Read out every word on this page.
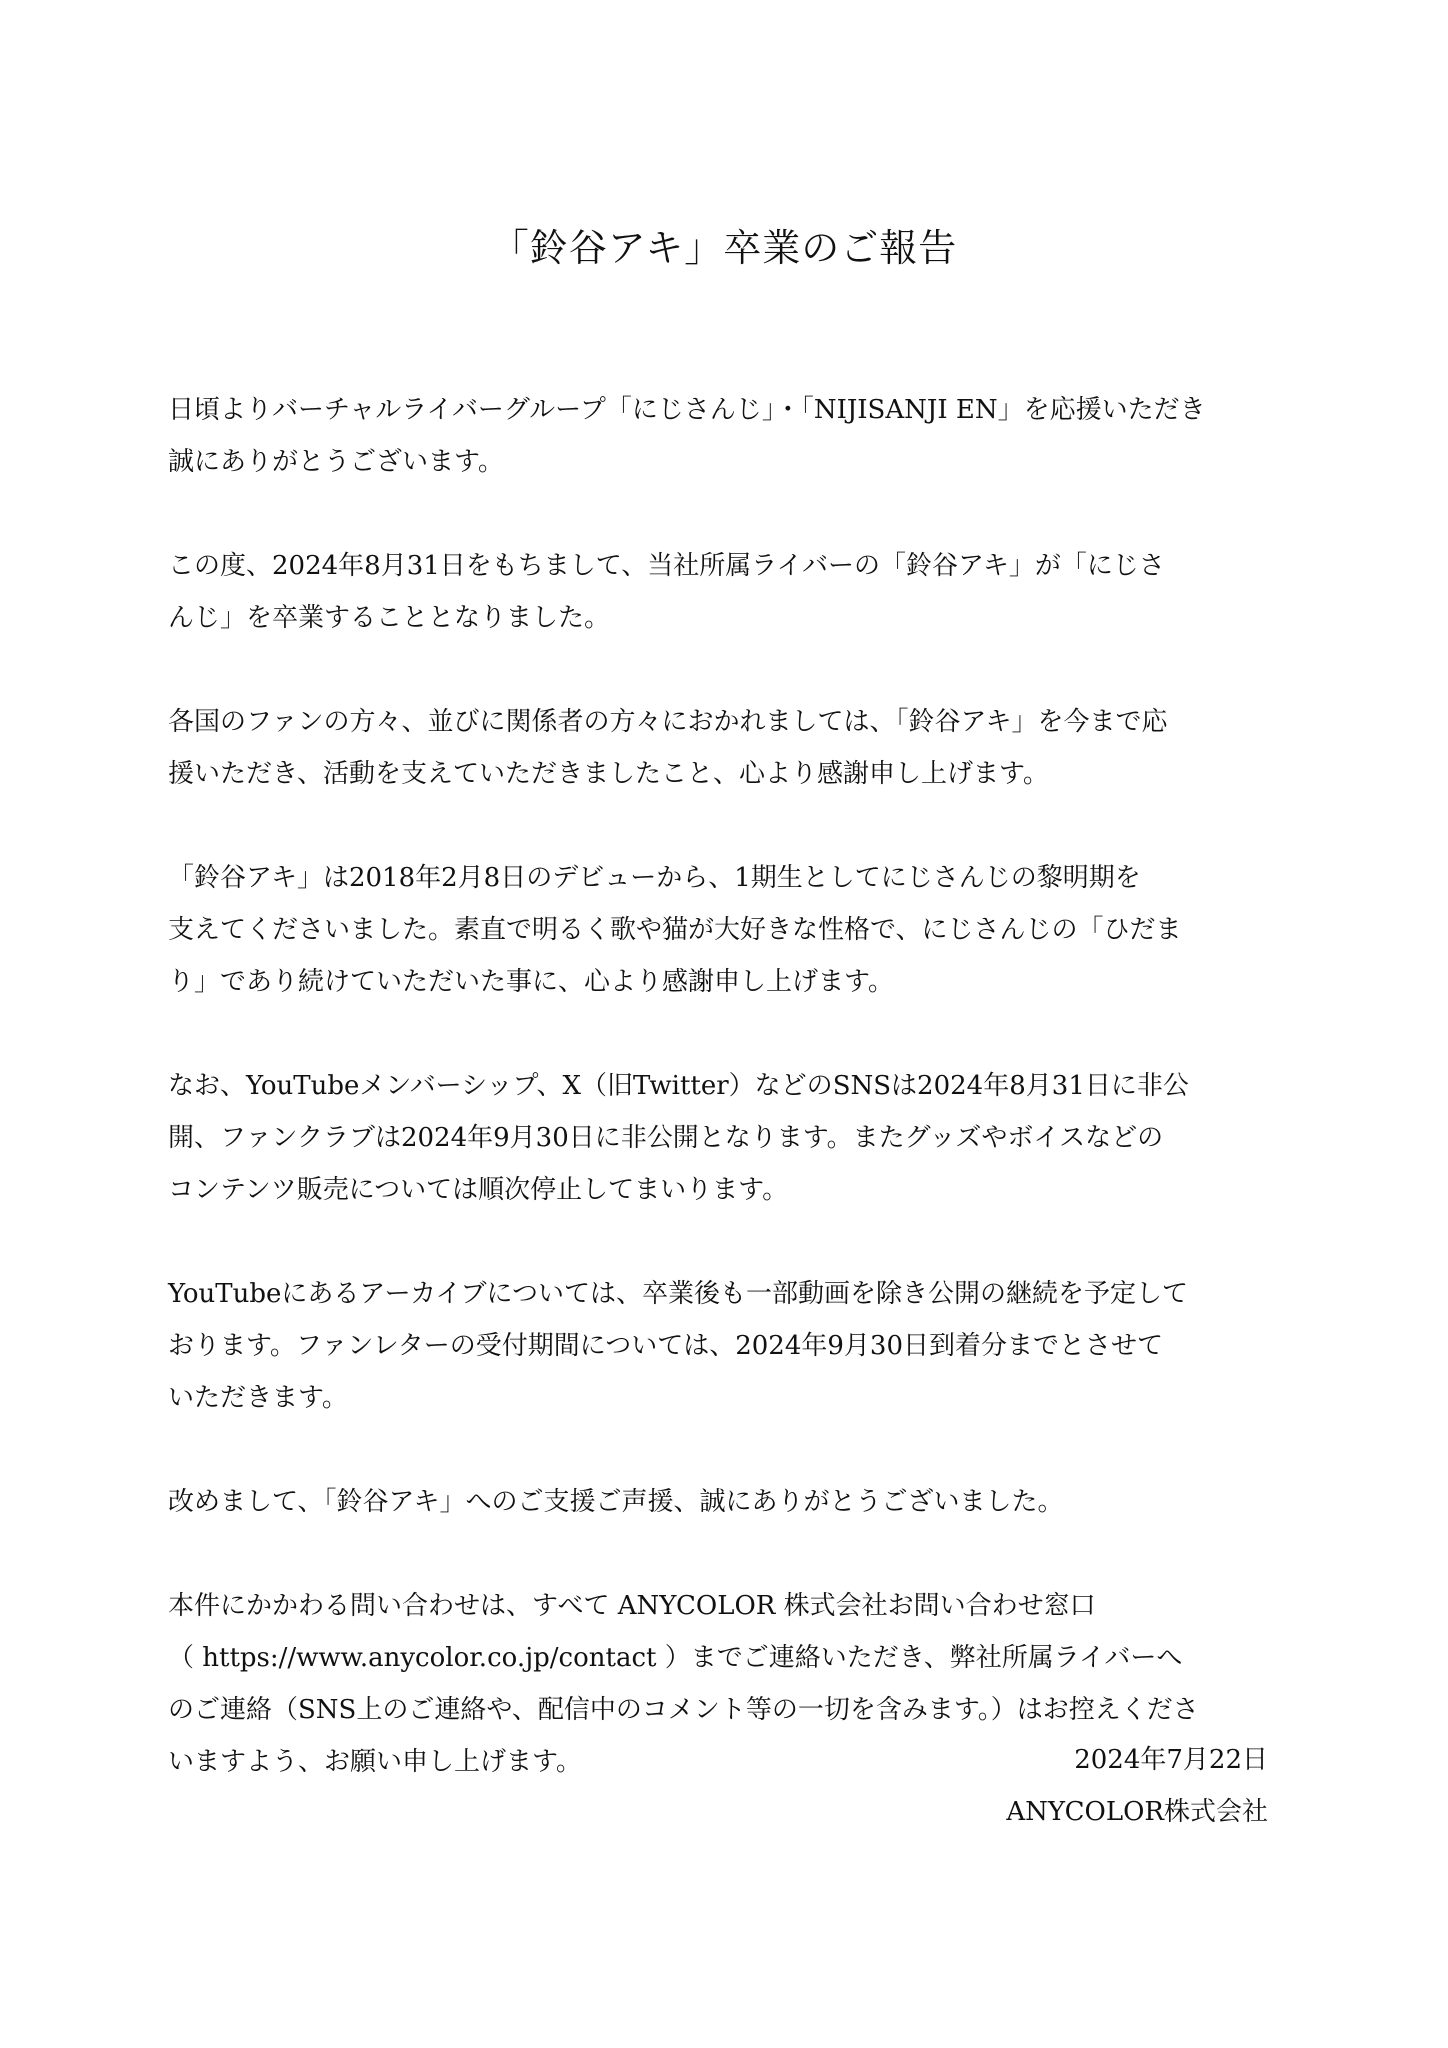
「鈴谷アキ」卒業のご報告

日頃よりバーチャルライバーグループ「にじさんじ」・「NIJISANJI EN」を応援いただき
誠にありがとうございます。

この度、2024年8月31日をもちまして、当社所属ライバーの「鈴谷アキ」が「にじさ
んじ」を卒業することとなりました。

各国のファンの方々、並びに関係者の方々におかれましては、「鈴谷アキ」を今まで応
援いただき、活動を支えていただきましたこと、心より感謝申し上げます。

「鈴谷アキ」は2018年2月8日のデビューから、1期生としてにじさんじの黎明期を
支えてくださいました。素直で明るく歌や猫が大好きな性格で、にじさんじの「ひだま
り」であり続けていただいた事に、心より感謝申し上げます。

なお、YouTubeメンバーシップ、X（旧Twitter）などのSNSは2024年8月31日に非公
開、ファンクラブは2024年9月30日に非公開となります。またグッズやボイスなどの
コンテンツ販売については順次停止してまいります。

YouTubeにあるアーカイブについては、卒業後も一部動画を除き公開の継続を予定して
おります。ファンレターの受付期間については、2024年9月30日到着分までとさせて
いただきます。

改めまして、「鈴谷アキ」へのご支援ご声援、誠にありがとうございました。

本件にかかわる問い合わせは、すべて ANYCOLOR 株式会社お問い合わせ窓口
（ https://www.anycolor.co.jp/contact ）までご連絡いただき、弊社所属ライバーへ
のご連絡（SNS上のご連絡や、配信中のコメント等の一切を含みます。）はお控えくださ
いますよう、お願い申し上げます。	2024年7月22日
ANYCOLOR株式会社
